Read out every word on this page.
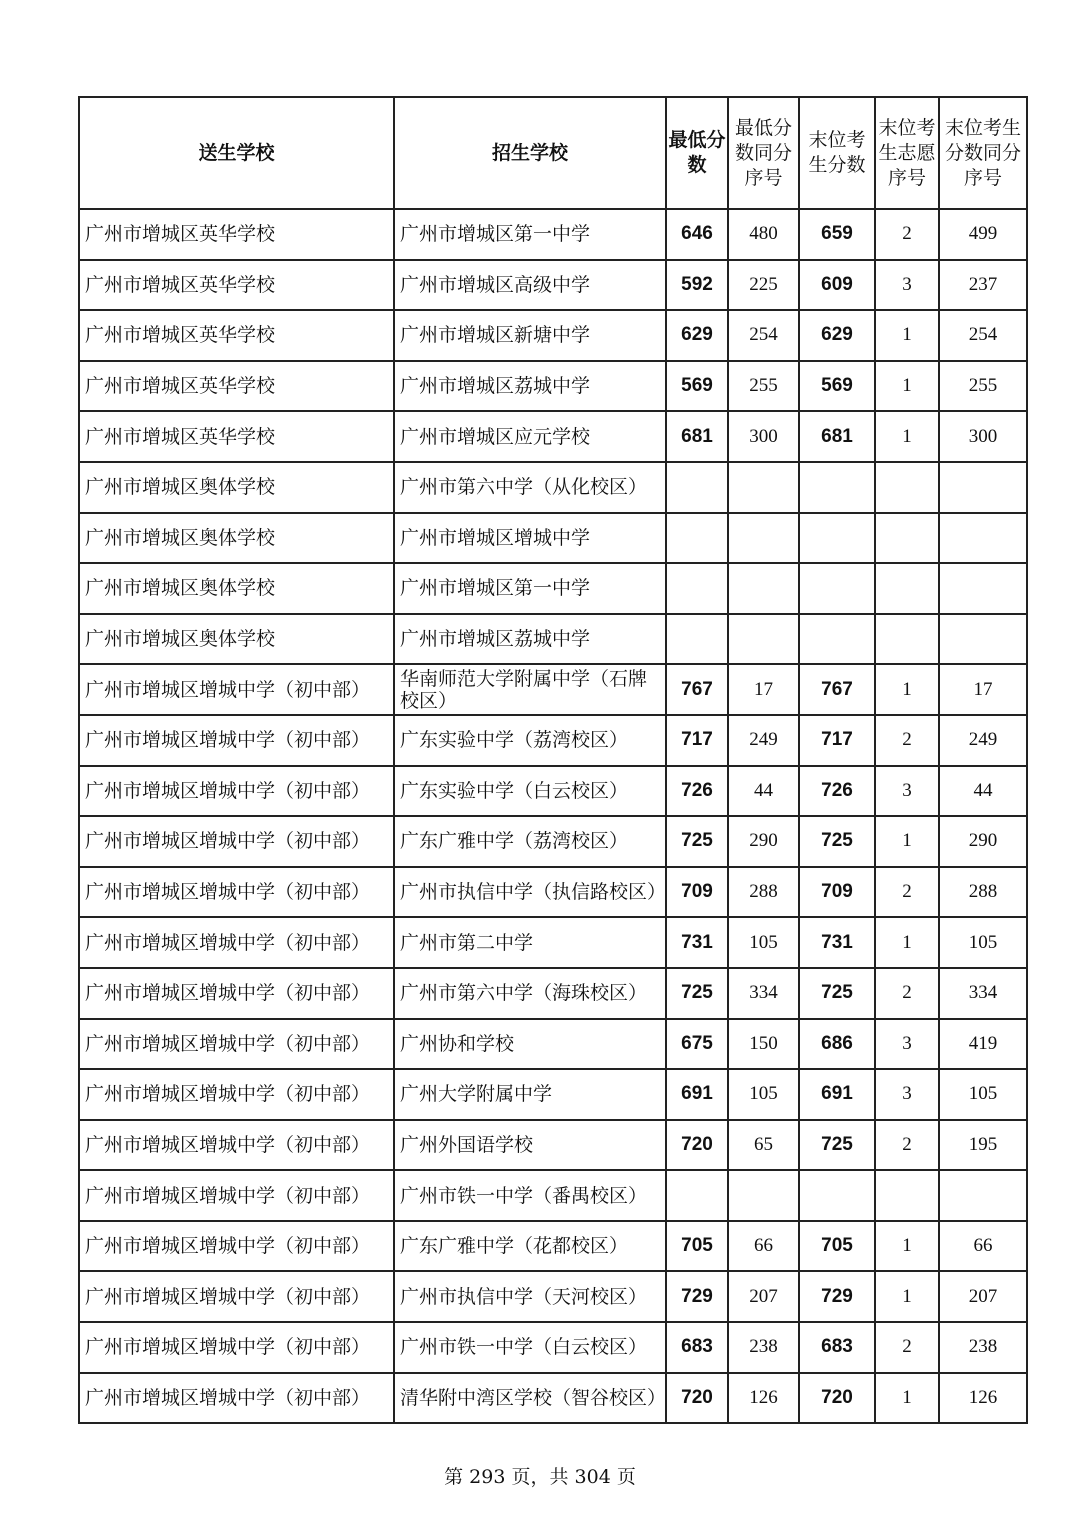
送生学校	招生学校	最低分数	最低分数同分序号	末位考生分数	末位考生志愿序号	末位考生分数同分序号
广州市增城区英华学校	广州市增城区第一中学	646	480	659	2	499
广州市增城区英华学校	广州市增城区高级中学	592	225	609	3	237
广州市增城区英华学校	广州市增城区新塘中学	629	254	629	1	254
广州市增城区英华学校	广州市增城区荔城中学	569	255	569	1	255
广州市增城区英华学校	广州市增城区应元学校	681	300	681	1	300
广州市增城区奥体学校	广州市第六中学（从化校区）					
广州市增城区奥体学校	广州市增城区增城中学					
广州市增城区奥体学校	广州市增城区第一中学					
广州市增城区奥体学校	广州市增城区荔城中学					
广州市增城区增城中学（初中部）	华南师范大学附属中学（石牌校区）	767	17	767	1	17
广州市增城区增城中学（初中部）	广东实验中学（荔湾校区）	717	249	717	2	249
广州市增城区增城中学（初中部）	广东实验中学（白云校区）	726	44	726	3	44
广州市增城区增城中学（初中部）	广东广雅中学（荔湾校区）	725	290	725	1	290
广州市增城区增城中学（初中部）	广州市执信中学（执信路校区）	709	288	709	2	288
广州市增城区增城中学（初中部）	广州市第二中学	731	105	731	1	105
广州市增城区增城中学（初中部）	广州市第六中学（海珠校区）	725	334	725	2	334
广州市增城区增城中学（初中部）	广州协和学校	675	150	686	3	419
广州市增城区增城中学（初中部）	广州大学附属中学	691	105	691	3	105
广州市增城区增城中学（初中部）	广州外国语学校	720	65	725	2	195
广州市增城区增城中学（初中部）	广州市铁一中学（番禺校区）					
广州市增城区增城中学（初中部）	广东广雅中学（花都校区）	705	66	705	1	66
广州市增城区增城中学（初中部）	广州市执信中学（天河校区）	729	207	729	1	207
广州市增城区增城中学（初中部）	广州市铁一中学（白云校区）	683	238	683	2	238
广州市增城区增城中学（初中部）	清华附中湾区学校（智谷校区）	720	126	720	1	126
第 293 页，共 304 页
